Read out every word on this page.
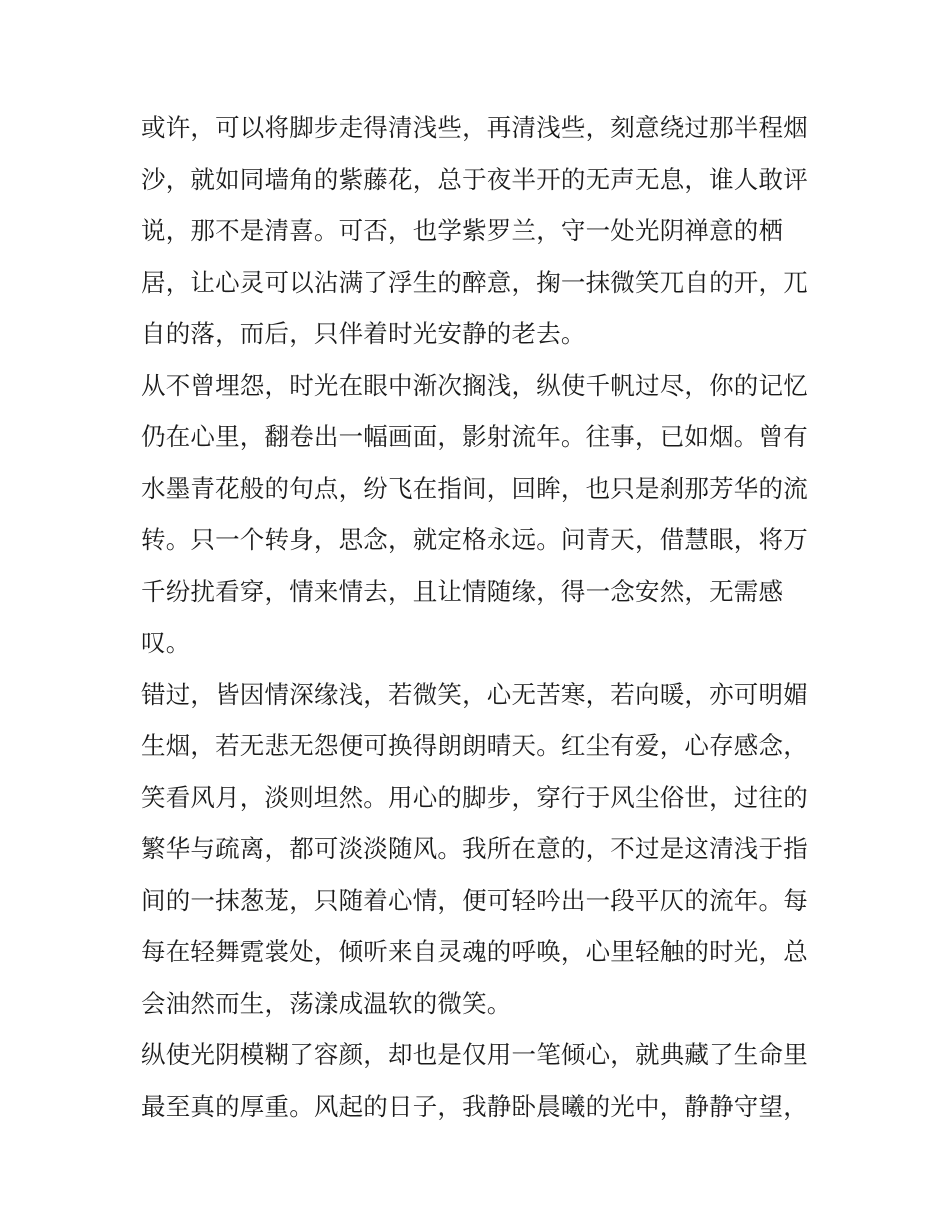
或许，可以将脚步走得清浅些，再清浅些，刻意绕过那半程烟
沙，就如同墙角的紫藤花，总于夜半开的无声无息，谁人敢评
说，那不是清喜。可否，也学紫罗兰，守一处光阴禅意的栖
居，让心灵可以沾满了浮生的醉意，掬一抹微笑兀自的开，兀
自的落，而后，只伴着时光安静的老去。
从不曾埋怨，时光在眼中渐次搁浅，纵使千帆过尽，你的记忆
仍在心里，翻卷出一幅画面，影射流年。往事，已如烟。曾有
水墨青花般的句点，纷飞在指间，回眸，也只是刹那芳华的流
转。只一个转身，思念，就定格永远。问青天，借慧眼，将万
千纷扰看穿，情来情去，且让情随缘，得一念安然，无需感
叹。
错过，皆因情深缘浅，若微笑，心无苦寒，若向暖，亦可明媚
生烟，若无悲无怨便可换得朗朗晴天。红尘有爱，心存感念，
笑看风月，淡则坦然。用心的脚步，穿行于风尘俗世，过往的
繁华与疏离，都可淡淡随风。我所在意的，不过是这清浅于指
间的一抹葱茏，只随着心情，便可轻吟出一段平仄的流年。每
每在轻舞霓裳处，倾听来自灵魂的呼唤，心里轻触的时光，总
会油然而生，荡漾成温软的微笑。
纵使光阴模糊了容颜，却也是仅用一笔倾心，就典藏了生命里
最至真的厚重。风起的日子，我静卧晨曦的光中，静静守望，
